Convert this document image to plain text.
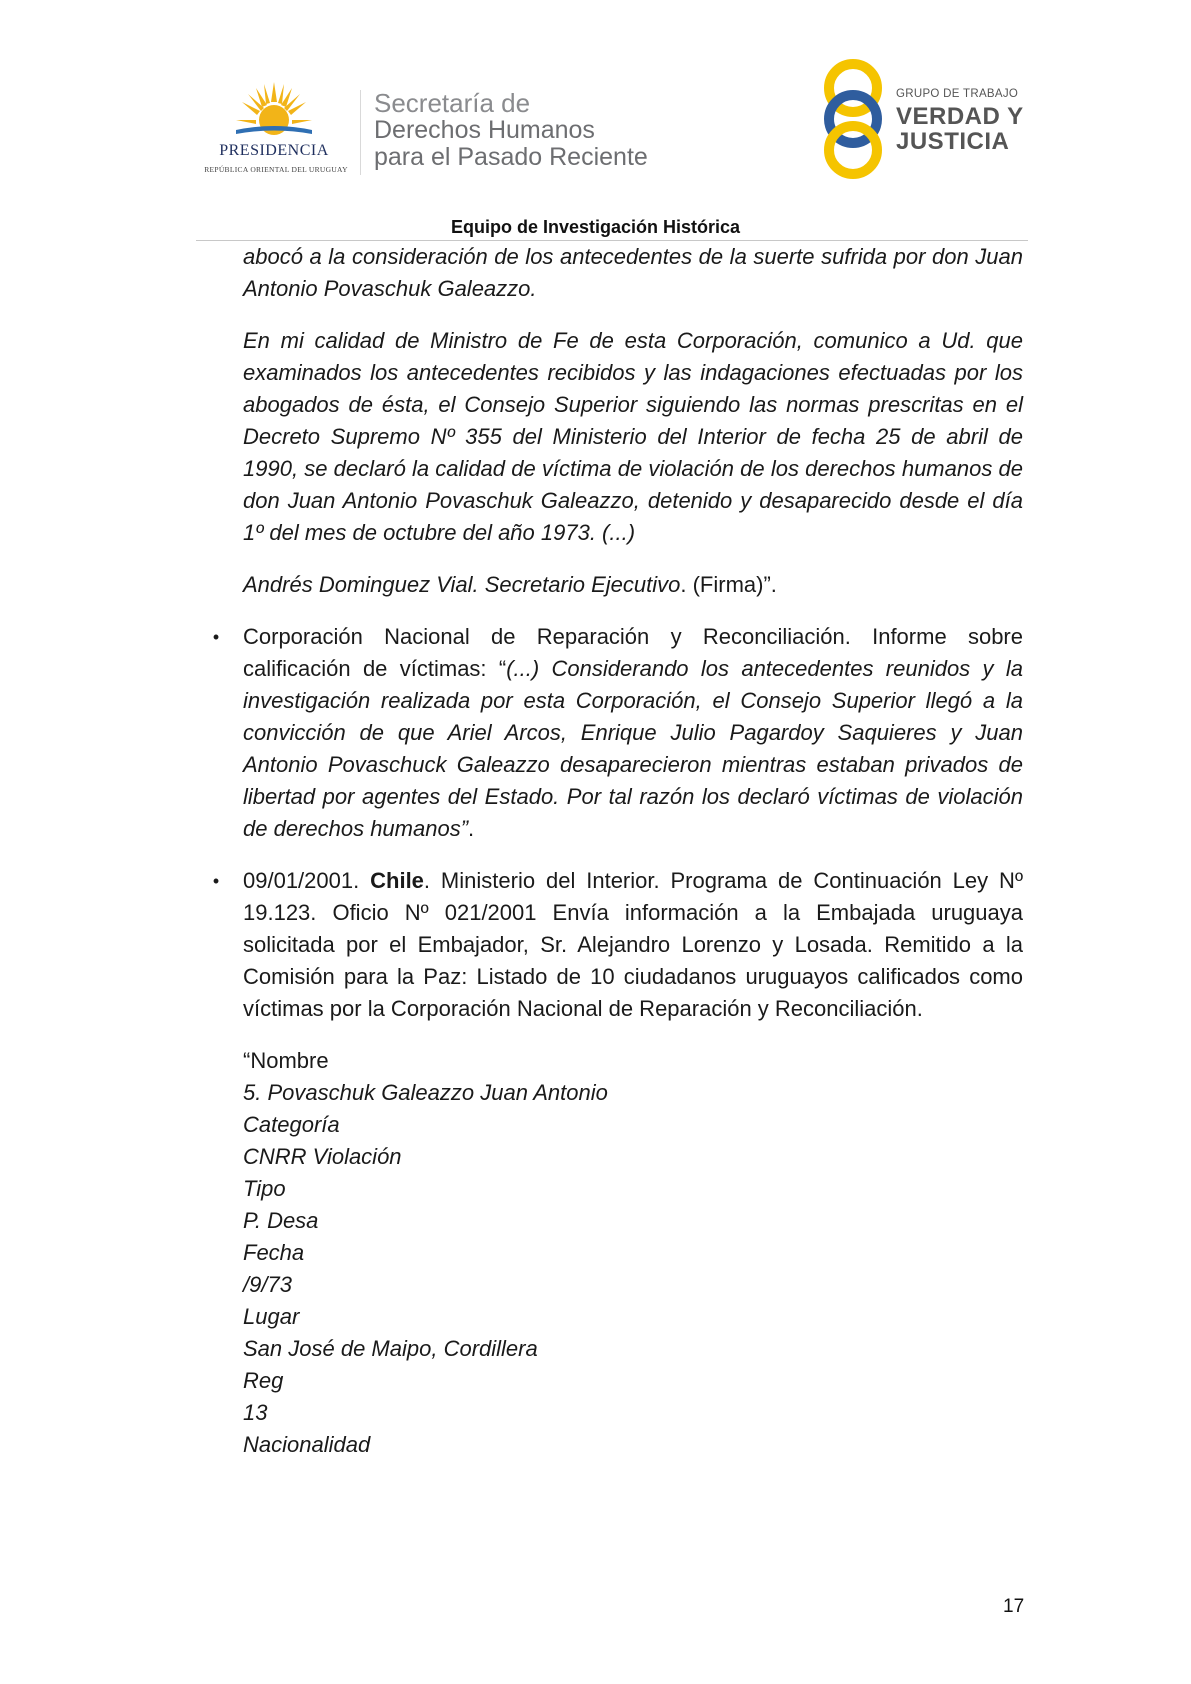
PRESIDENCIA
REPÚBLICA ORIENTAL DEL URUGUAY
Secretaría de
Derechos Humanos
para el Pasado Reciente
GRUPO DE TRABAJO
VERDAD Y
JUSTICIA
Equipo de Investigación Histórica

abocó a la consideración de los antecedentes de la suerte sufrida por don Juan Antonio Povaschuk Galeazzo.

En mi calidad de Ministro de Fe de esta Corporación, comunico a Ud. que examinados los antecedentes recibidos y las indagaciones efectuadas por los abogados de ésta, el Consejo Superior siguiendo las normas prescritas en el Decreto Supremo Nº 355 del Ministerio del Interior de fecha 25 de abril de 1990, se declaró la calidad de víctima de violación de los derechos humanos de don Juan Antonio Povaschuk Galeazzo, detenido y desaparecido desde el día 1º del mes de octubre del año 1973. (...)

Andrés Dominguez Vial. Secretario Ejecutivo. (Firma)”.

•	Corporación Nacional de Reparación y Reconciliación. Informe sobre calificación de víctimas: “(...) Considerando los antecedentes reunidos y la investigación realizada por esta Corporación, el Consejo Superior llegó a la convicción de que Ariel Arcos, Enrique Julio Pagardoy Saquieres y Juan Antonio Povaschuck Galeazzo desaparecieron mientras estaban privados de libertad por agentes del Estado. Por tal razón los declaró víctimas de violación de derechos humanos”.
•	09/01/2001. Chile. Ministerio del Interior. Programa de Continuación Ley Nº 19.123. Oficio Nº 021/2001 Envía información a la Embajada uruguaya solicitada por el Embajador, Sr. Alejandro Lorenzo y Losada. Remitido a la Comisión para la Paz: Listado de 10 ciudadanos uruguayos calificados como víctimas por la Corporación Nacional de Reparación y Reconciliación.
“Nombre
5. Povaschuk Galeazzo Juan Antonio
Categoría
CNRR Violación
Tipo
P. Desa
Fecha
/9/73
Lugar
San José de Maipo, Cordillera
Reg
13
Nacionalidad
17
